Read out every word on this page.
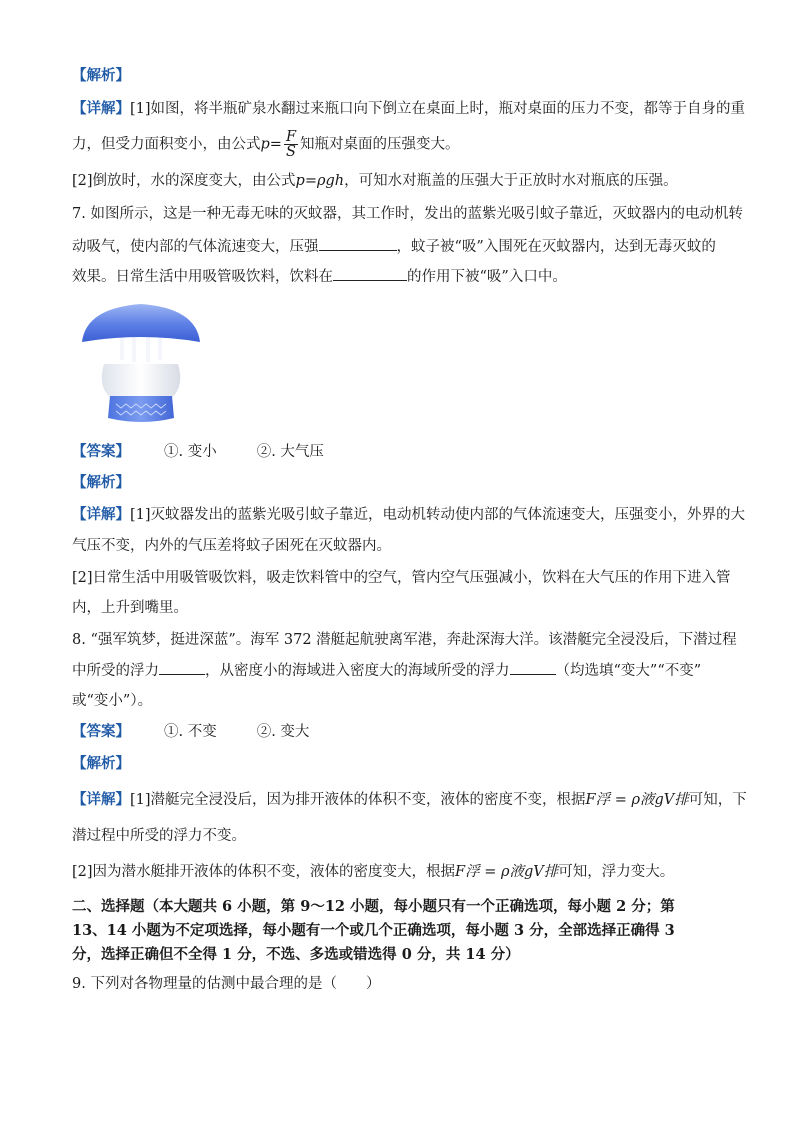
【解析】
【详解】[1]如图，将半瓶矿泉水翻过来瓶口向下倒立在桌面上时，瓶对桌面的压力不变，都等于自身的重
力，但受力面积变小，由公式$p= \frac{F}{S}$ 知瓶对桌面的压强变大。
[2]倒放时，水的深度变大，由公式p=ρgh，可知水对瓶盖的压强大于正放时水对瓶底的压强。
7. 如图所示，这是一种无毒无味的灭蚊器，其工作时，发出的蓝紫光吸引蚊子靠近，灭蚊器内的电动机转
动吸气，使内部的气体流速变大，压强	，蚊子被“吸”入围死在灭蚊器内，达到无毒灭蚊的
效果。日常生活中用吸管吸饮料，饮料在	的作用下被“吸”入口中。
【答案】 ①. 变小	②. 大气压
【解析】
【详解】[1]灭蚊器发出的蓝紫光吸引蚊子靠近，电动机转动使内部的气体流速变大，压强变小，外界的大
气压不变，内外的气压差将蚊子困死在灭蚊器内。
[2]日常生活中用吸管吸饮料，吸走饮料管中的空气，管内空气压强减小，饮料在大气压的作用下进入管
内，上升到嘴里。
8. “强军筑梦，挺进深蓝”。海军 372 潜艇起航驶离军港，奔赴深海大洋。该潜艇完全浸没后，下潜过程
中所受的浮力	，从密度小的海域进入密度大的海域所受的浮力	（均选填“变大”“不变”
或“变小”）。
【答案】 ①. 不变	②. 变大
【解析】
【详解】[1]潜艇完全浸没后，因为排开液体的体积不变，液体的密度不变，根据F浮 = ρ液gV排可知，下
潜过程中所受的浮力不变。
[2]因为潜水艇排开液体的体积不变，液体的密度变大，根据F浮 = ρ液gV排可知，浮力变大。
二、选择题（本大题共 6 小题，第 9～12 小题，每小题只有一个正确选项，每小题 2 分；第
13、14 小题为不定项选择，每小题有一个或几个正确选项，每小题 3 分，全部选择正确得 3
分，选择正确但不全得 1 分，不选、多选或错选得 0 分，共 14 分）
9. 下列对各物理量的估测中最合理的是（　　）
